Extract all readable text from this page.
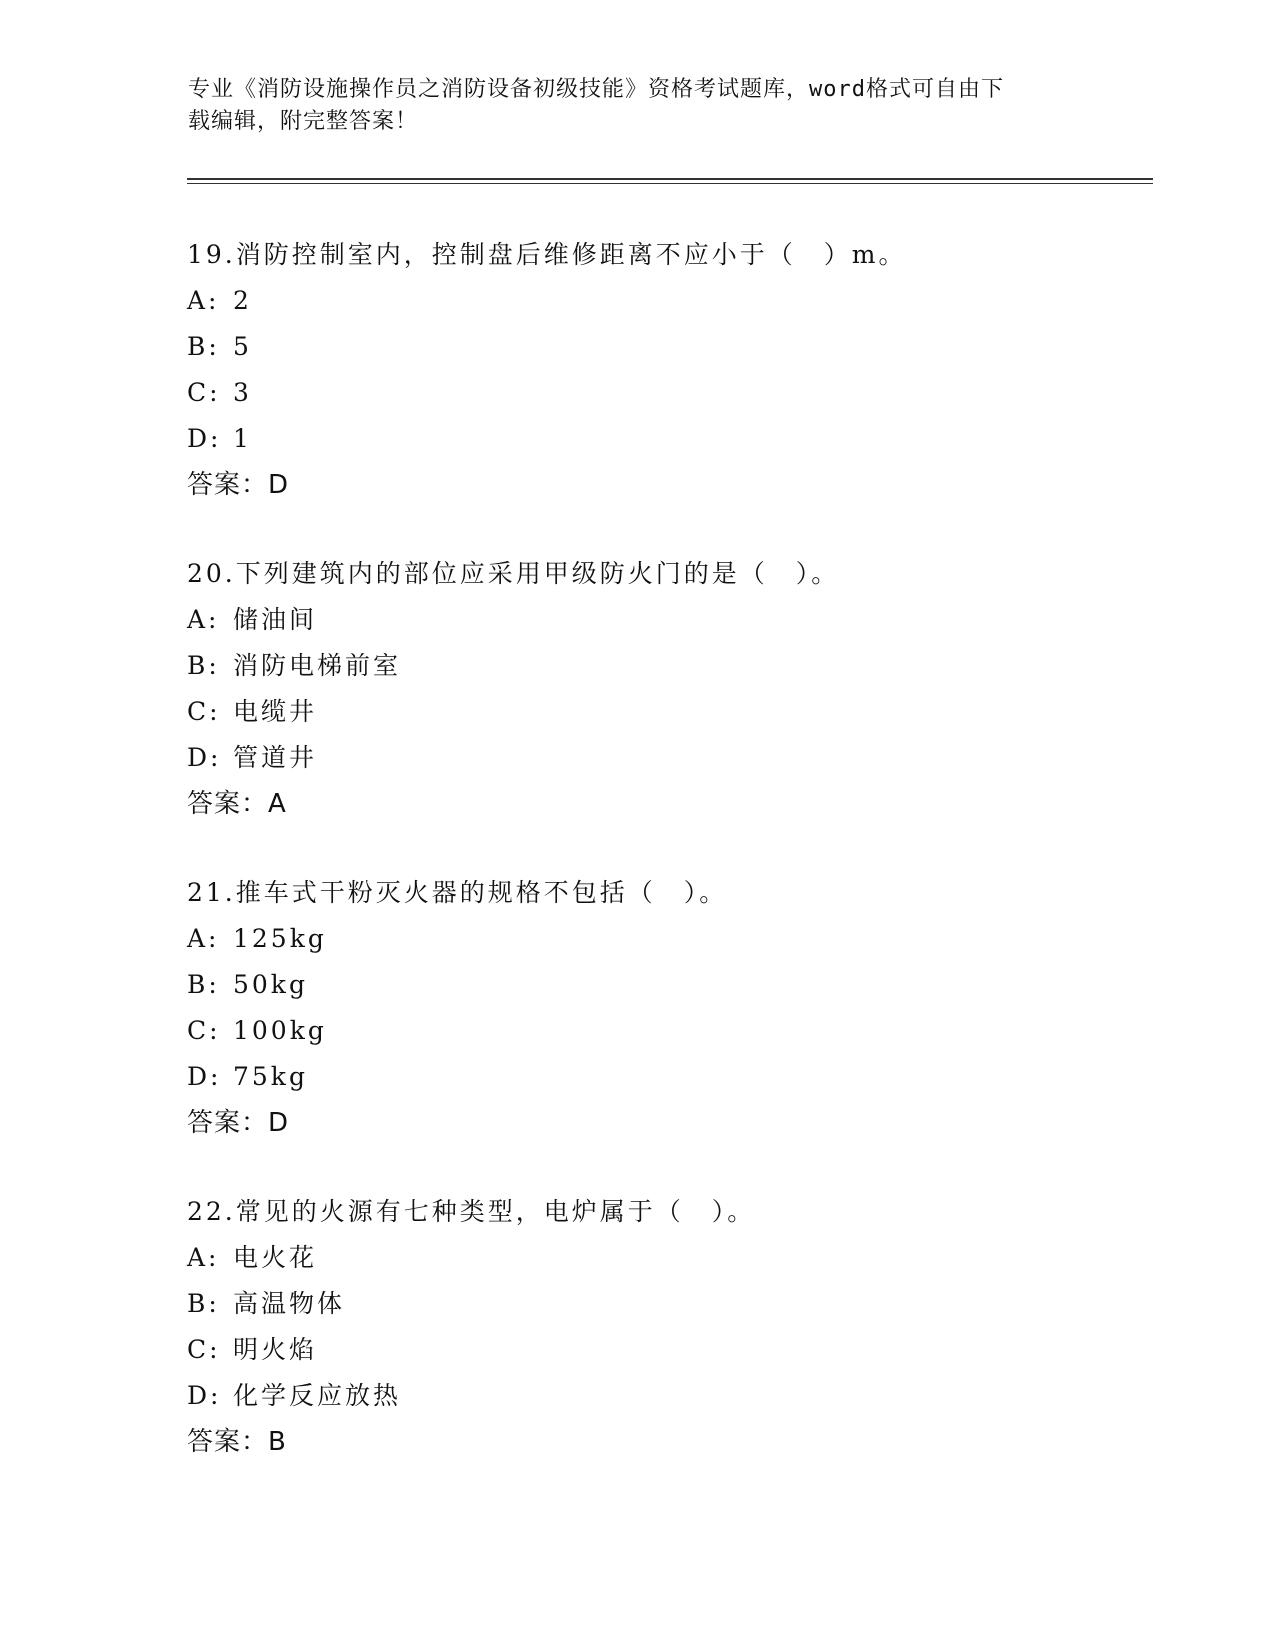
专业《消防设施操作员之消防设备初级技能》资格考试题库，word格式可自由下
载编辑，附完整答案！
19.消防控制室内，控制盘后维修距离不应小于（　）m。
A: 2
B: 5
C: 3
D: 1
答案：D
20.下列建筑内的部位应采用甲级防火门的是（　）。
A: 储油间
B: 消防电梯前室
C: 电缆井
D: 管道井
答案：A
21.推车式干粉灭火器的规格不包括（　）。
A: 125kg
B: 50kg
C: 100kg
D: 75kg
答案：D
22.常见的火源有七种类型，电炉属于（　）。
A: 电火花
B: 高温物体
C: 明火焰
D: 化学反应放热
答案：B
